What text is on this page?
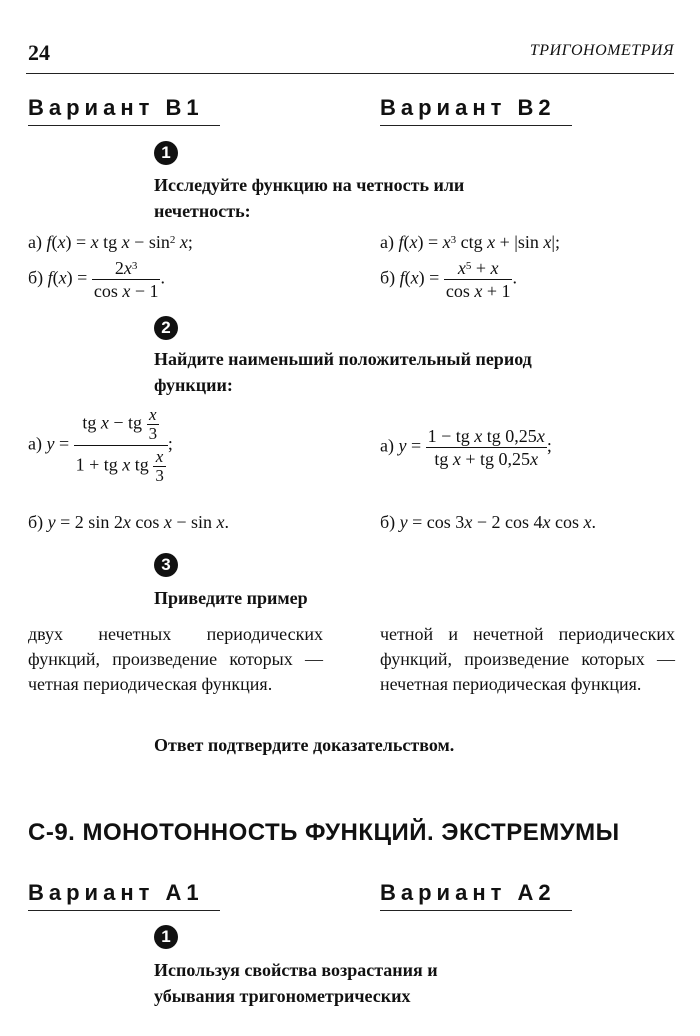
24	ТРИГОНОМЕТРИЯ
Вариант В1	Вариант В2
1
Исследуйте функцию на четность или нечетность:
а) f(x) = x tg $x - \sin^2 x$;	а) $f(x) = x^3$ ctg x + |sin x|;
б) $f(x) = \frac{2x^3}{\text{cos x − 1}}$ .	б) $f(x) = \frac{x^5 + x}{\text{cos x + 1}}$ .
2
Найдите наименьший положительный период функции:
а) $y = \frac{tg x - tg \frac{x}{3}}{1 + tg x tg \frac{x}{3}}$ ;	а) $y = \frac{\text{1 − tg x tg 0,25x}}{\text{tg x + tg 0,25x}}$ ;
б) y = 2 sin 2x cos x − sin x.	б) y = cos 3x − 2 cos 4x cos x.
3
Приведите пример
двух нечетных периодических функций, произведение которых — четная периодическая функция.
четной и нечетной периодических функций, произведение которых — нечетная периодическая функция.
Ответ подтвердите доказательством.
С-9. МОНОТОННОСТЬ ФУНКЦИЙ. ЭКСТРЕМУМЫ
Вариант А1	Вариант А2
1
Используя свойства возрастания и убывания тригонометрических
